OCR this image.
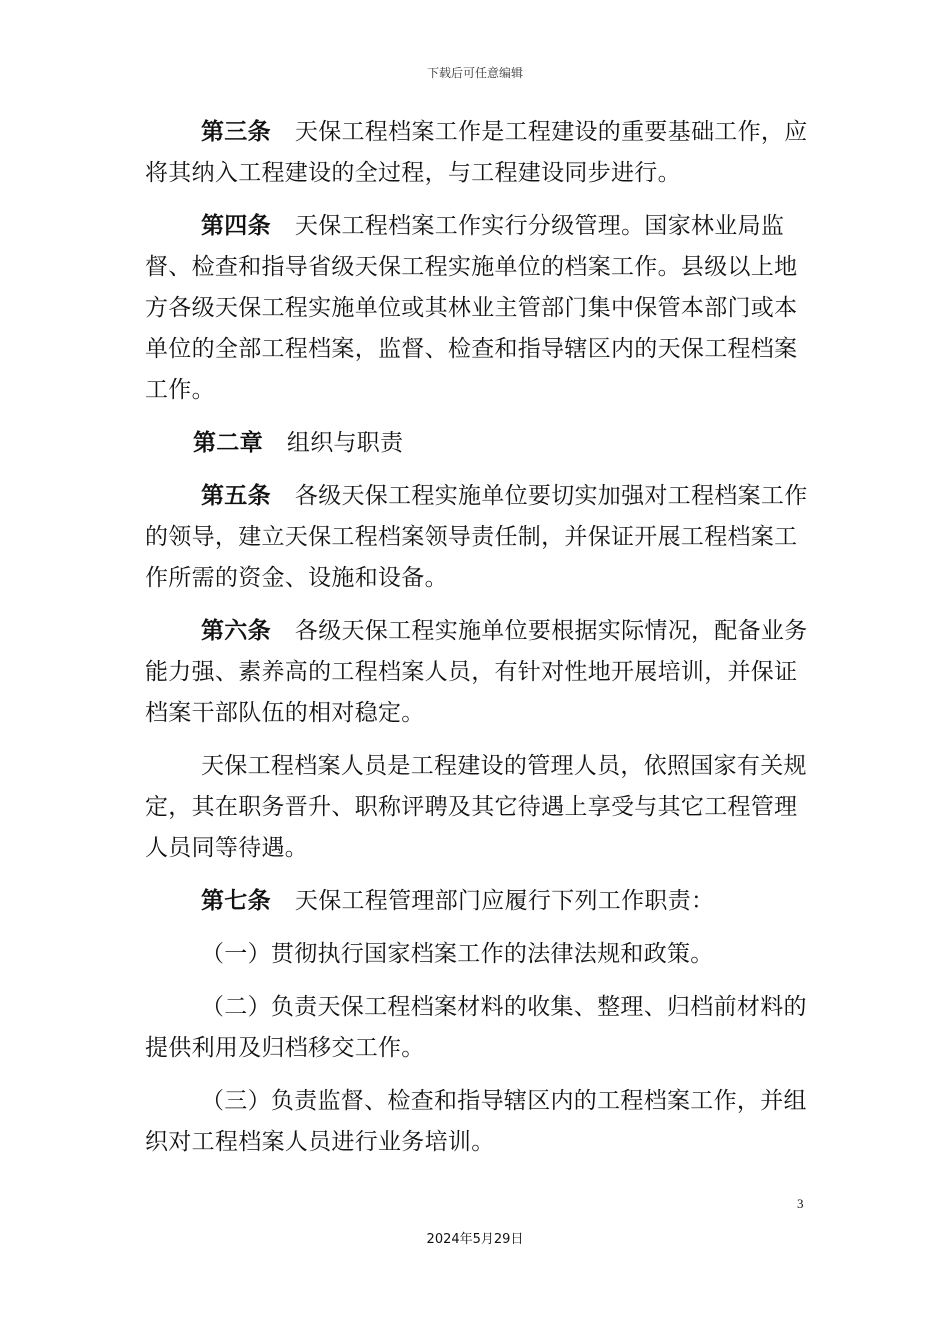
下载后可任意编辑

第三条 天保工程档案工作是工程建设的重要基础工作，应将其纳入工程建设的全过程，与工程建设同步进行。

第四条 天保工程档案工作实行分级管理。国家林业局监督、检查和指导省级天保工程实施单位的档案工作。县级以上地方各级天保工程实施单位或其林业主管部门集中保管本部门或本单位的全部工程档案，监督、检查和指导辖区内的天保工程档案工作。

第二章 组织与职责

第五条 各级天保工程实施单位要切实加强对工程档案工作的领导，建立天保工程档案领导责任制，并保证开展工程档案工作所需的资金、设施和设备。

第六条 各级天保工程实施单位要根据实际情况，配备业务能力强、素养高的工程档案人员，有针对性地开展培训，并保证档案干部队伍的相对稳定。

天保工程档案人员是工程建设的管理人员，依照国家有关规定，其在职务晋升、职称评聘及其它待遇上享受与其它工程管理人员同等待遇。

第七条 天保工程管理部门应履行下列工作职责：

（一）贯彻执行国家档案工作的法律法规和政策。

（二）负责天保工程档案材料的收集、整理、归档前材料的提供利用及归档移交工作。

（三）负责监督、检查和指导辖区内的工程档案工作，并组织对工程档案人员进行业务培训。

3
2024年5月29日
